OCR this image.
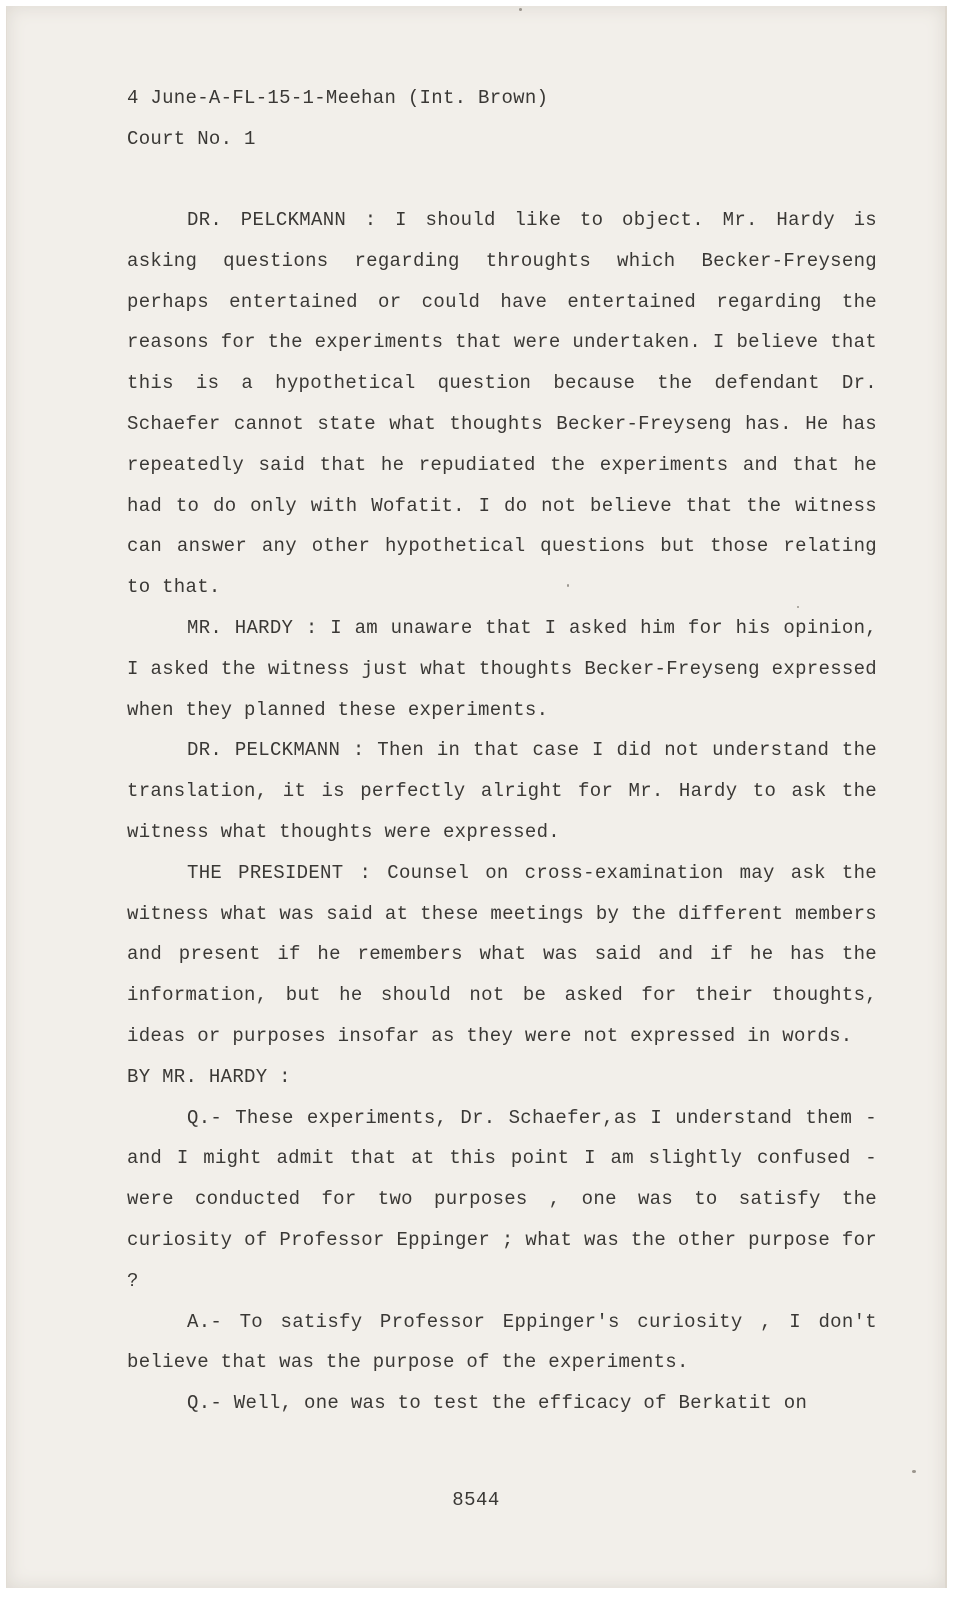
4 June-A-FL-15-1-Meehan (Int. Brown)

Court No. 1

DR. PELCKMANN : I should like to object. Mr. Hardy is asking questions regarding throughts which Becker-Freyseng perhaps entertained or could have entertained regarding the reasons for the experiments that were undertaken. I believe that this is a hypothetical question because the defendant Dr. Schaefer cannot state what thoughts Becker-Freyseng has. He has repeatedly said that he repudiated the experiments and that he had to do only with Wofatit. I do not believe that the witness can answer any other hypothetical questions but those relating to that.

MR. HARDY : I am unaware that I asked him for his opinion, I asked the witness just what thoughts Becker-Freyseng expressed when they planned these experiments.

DR. PELCKMANN : Then in that case I did not understand the translation, it is perfectly alright for Mr. Hardy to ask the witness what thoughts were expressed.

THE PRESIDENT : Counsel on cross-examination may ask the witness what was said at these meetings by the different members and present if he remembers what was said and if he has the information, but he should not be asked for their thoughts, ideas or purposes insofar as they were not expressed in words.

BY MR. HARDY :

Q.- These experiments, Dr. Schaefer,as I understand them - and I might admit that at this point I am slightly confused - were conducted for two purposes , one was to satisfy the curiosity of Professor Eppinger ; what was the other purpose for ?

A.- To satisfy Professor Eppinger's curiosity , I don't believe that was the purpose of the experiments.

Q.- Well, one was to test the efficacy of Berkatit on

8544
